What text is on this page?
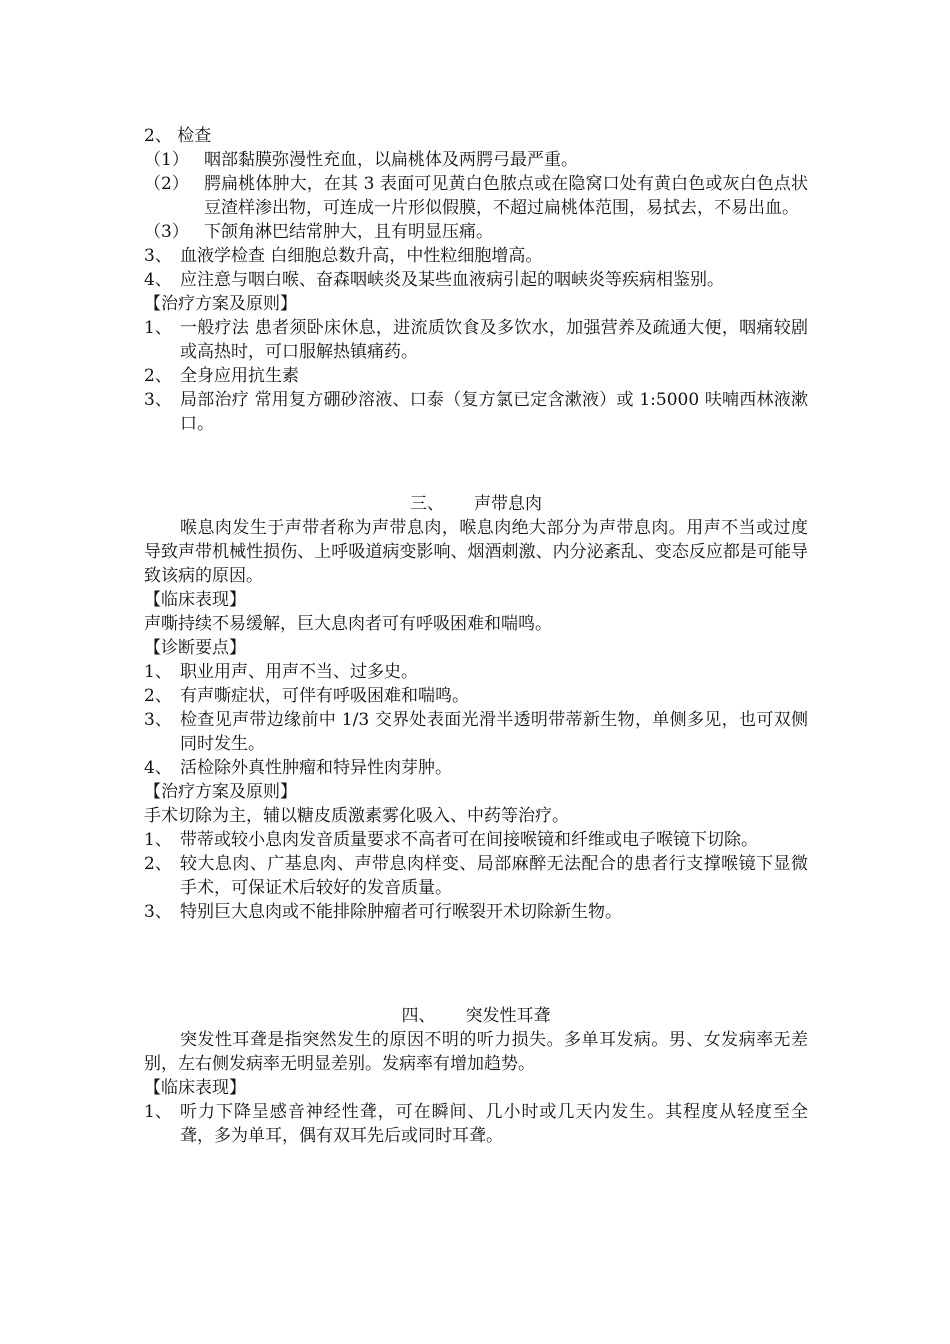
2、 检查

（1） 咽部黏膜弥漫性充血，以扁桃体及两腭弓最严重。
（2） 腭扁桃体肿大，在其 3 表面可见黄白色脓点或在隐窝口处有黄白色或灰白色点状豆渣样渗出物，可连成一片形似假膜，不超过扁桃体范围，易拭去，不易出血。
（3） 下颌角淋巴结常肿大，且有明显压痛。
3、 血液学检查 白细胞总数升高，中性粒细胞增高。
4、 应注意与咽白喉、奋森咽峡炎及某些血液病引起的咽峡炎等疾病相鉴别。

【治疗方案及原则】

1、 一般疗法 患者须卧床休息，进流质饮食及多饮水，加强营养及疏通大便，咽痛较剧或高热时，可口服解热镇痛药。
2、 全身应用抗生素
3、 局部治疗 常用复方硼砂溶液、口泰（复方氯已定含漱液）或 1:5000 呋喃西林液漱口。

三、 声带息肉

喉息肉发生于声带者称为声带息肉，喉息肉绝大部分为声带息肉。用声不当或过度导致声带机械性损伤、上呼吸道病变影响、烟酒刺激、内分泌紊乱、变态反应都是可能导致该病的原因。

【临床表现】

声嘶持续不易缓解，巨大息肉者可有呼吸困难和喘鸣。

【诊断要点】

1、 职业用声、用声不当、过多史。
2、 有声嘶症状，可伴有呼吸困难和喘鸣。
3、 检查见声带边缘前中 1/3 交界处表面光滑半透明带蒂新生物，单侧多见，也可双侧同时发生。
4、 活检除外真性肿瘤和特异性肉芽肿。

【治疗方案及原则】

手术切除为主，辅以糖皮质激素雾化吸入、中药等治疗。

1、 带蒂或较小息肉发音质量要求不高者可在间接喉镜和纤维或电子喉镜下切除。
2、 较大息肉、广基息肉、声带息肉样变、局部麻醉无法配合的患者行支撑喉镜下显微手术，可保证术后较好的发音质量。
3、 特别巨大息肉或不能排除肿瘤者可行喉裂开术切除新生物。

四、 突发性耳聋

突发性耳聋是指突然发生的原因不明的听力损失。多单耳发病。男、女发病率无差别，左右侧发病率无明显差别。发病率有增加趋势。

【临床表现】

1、 听力下降呈感音神经性聋，可在瞬间、几小时或几天内发生。其程度从轻度至全聋，多为单耳，偶有双耳先后或同时耳聋。
